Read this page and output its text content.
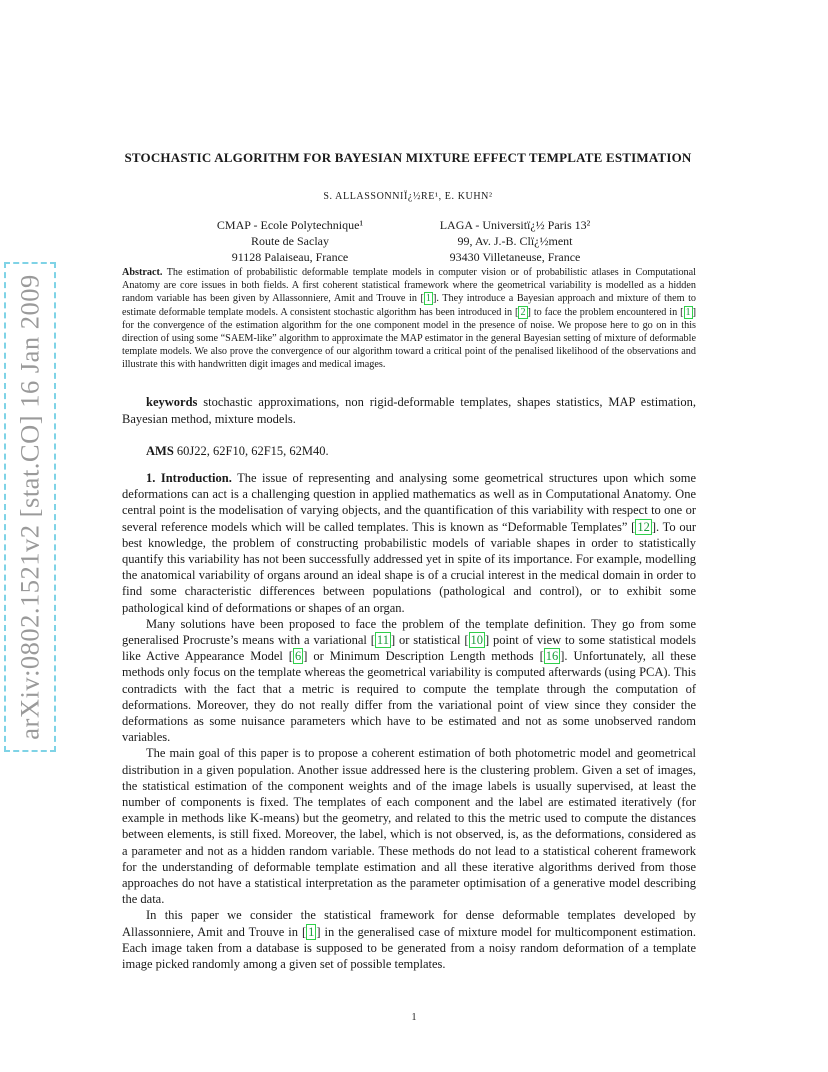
arXiv:0802.1521v2 [stat.CO] 16 Jan 2009
STOCHASTIC ALGORITHM FOR BAYESIAN MIXTURE EFFECT TEMPLATE ESTIMATION
S. ALLASSONNIÏ¿½RE¹, E. KUHN²
CMAP - Ecole Polytechnique¹
Route de Saclay
91128 Palaiseau, France
LAGA - Universitï¿½ Paris 13²
99, Av. J.-B. Clï¿½ment
93430 Villetaneuse, France
Abstract. The estimation of probabilistic deformable template models in computer vision or of probabilistic atlases in Computational Anatomy are core issues in both fields. A first coherent statistical framework where the geometrical variability is modelled as a hidden random variable has been given by Allassonniere, Amit and Trouve in [ 1 ]. They introduce a Bayesian approach and mixture of them to estimate deformable template models. A consistent stochastic algorithm has been introduced in [ 2 ] to face the problem encountered in [ 1 ] for the convergence of the estimation algorithm for the one component model in the presence of noise. We propose here to go on in this direction of using some “SAEM-like” algorithm to approximate the MAP estimator in the general Bayesian setting of mixture of deformable template models. We also prove the convergence of our algorithm toward a critical point of the penalised likelihood of the observations and illustrate this with handwritten digit images and medical images.
keywords stochastic approximations, non rigid-deformable templates, shapes statistics, MAP estimation, Bayesian method, mixture models.
AMS 60J22, 62F10, 62F15, 62M40.

1. Introduction. The issue of representing and analysing some geometrical structures upon which some deformations can act is a challenging question in applied mathematics as well as in Computational Anatomy. One central point is the modelisation of varying objects, and the quantification of this variability with respect to one or several reference models which will be called templates. This is known as “Deformable Templates” [ 12 ]. To our best knowledge, the problem of constructing probabilistic models of variable shapes in order to statistically quantify this variability has not been successfully addressed yet in spite of its importance. For example, modelling the anatomical variability of organs around an ideal shape is of a crucial interest in the medical domain in order to find some characteristic differences between populations (pathological and control), or to exhibit some pathological kind of deformations or shapes of an organ.

Many solutions have been proposed to face the problem of the template definition. They go from some generalised Procruste’s means with a variational [ 11 ] or statistical [ 10 ] point of view to some statistical models like Active Appearance Model [ 6 ] or Minimum Description Length methods [ 16 ]. Unfortunately, all these methods only focus on the template whereas the geometrical variability is computed afterwards (using PCA). This contradicts with the fact that a metric is required to compute the template through the computation of deformations. Moreover, they do not really differ from the variational point of view since they consider the deformations as some nuisance parameters which have to be estimated and not as some unobserved random variables.

The main goal of this paper is to propose a coherent estimation of both photometric model and geometrical distribution in a given population. Another issue addressed here is the clustering problem. Given a set of images, the statistical estimation of the component weights and of the image labels is usually supervised, at least the number of components is fixed. The templates of each component and the label are estimated iteratively (for example in methods like K-means) but the geometry, and related to this the metric used to compute the distances between elements, is still fixed. Moreover, the label, which is not observed, is, as the deformations, considered as a parameter and not as a hidden random variable. These methods do not lead to a statistical coherent framework for the understanding of deformable template estimation and all these iterative algorithms derived from those approaches do not have a statistical interpretation as the parameter optimisation of a generative model describing the data.

In this paper we consider the statistical framework for dense deformable templates developed by Allassonniere, Amit and Trouve in [ 1 ] in the generalised case of mixture model for multicomponent estimation. Each image taken from a database is supposed to be generated from a noisy random deformation of a template image picked randomly among a given set of possible templates.

1
